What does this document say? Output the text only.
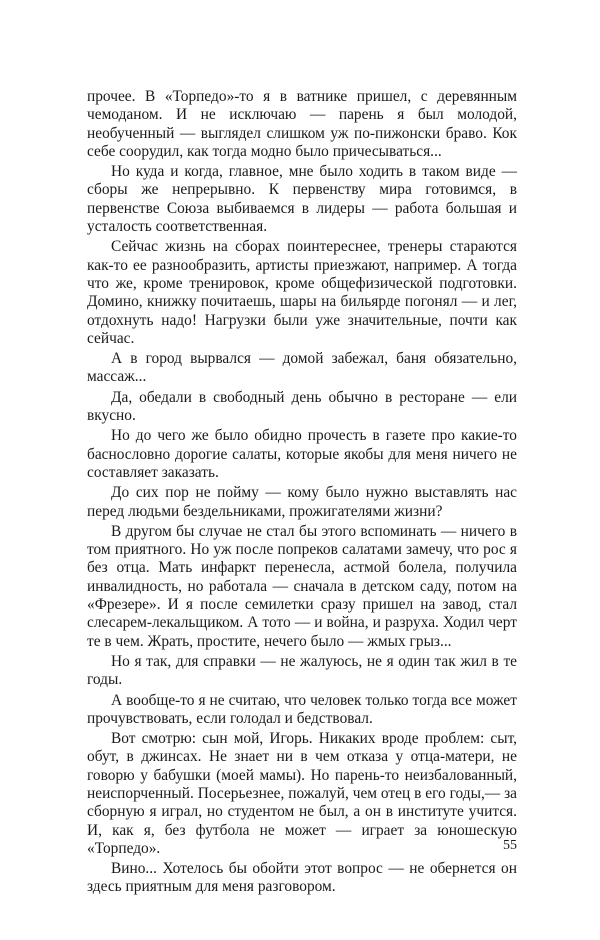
прочее. В «Торпедо»-то я в ватнике пришел, с деревянным чемоданом. И не исключаю — парень я был молодой, необученный — выглядел слишком уж по-пижонски браво. Кок себе соорудил, как тогда модно было причесываться...

Но куда и когда, главное, мне было ходить в таком виде — сборы же непрерывно. К первенству мира готовимся, в первенстве Союза выбиваемся в лидеры — работа большая и усталость соответственная.

Сейчас жизнь на сборах поинтереснее, тренеры стараются как-то ее разнообразить, артисты приезжают, например. А тогда что же, кроме тренировок, кроме общефизической подготовки. Домино, книжку почитаешь, шары на бильярде погонял — и лег, отдохнуть надо! Нагрузки были уже значительные, почти как сейчас.

А в город вырвался — домой забежал, баня обязательно, массаж...

Да, обедали в свободный день обычно в ресторане — ели вкусно.

Но до чего же было обидно прочесть в газете про какие-то баснословно дорогие салаты, которые якобы для меня ничего не составляет заказать.

До сих пор не пойму — кому было нужно выставлять нас перед людьми бездельниками, прожигателями жизни?

В другом бы случае не стал бы этого вспоминать — ничего в том приятного. Но уж после попреков салатами замечу, что рос я без отца. Мать инфаркт перенесла, астмой болела, получила инвалидность, но работала — сначала в детском саду, потом на «Фрезере». И я после семилетки сразу пришел на завод, стал слесарем-лекальщиком. А тото — и война, и разруха. Ходил черт те в чем. Жрать, простите, нечего было — жмых грыз...

Но я так, для справки — не жалуюсь, не я один так жил в те годы.

А вообще-то я не считаю, что человек только тогда все может прочувствовать, если голодал и бедствовал.

Вот смотрю: сын мой, Игорь. Никаких вроде проблем: сыт, обут, в джинсах. Не знает ни в чем отказа у отца-матери, не говорю у бабушки (моей мамы). Но парень-то неизбалованный, неиспорченный. Посерьезнее, пожалуй, чем отец в его годы,— за сборную я играл, но студентом не был, а он в институте учится. И, как я, без футбола не может — играет за юношескую «Торпедо».

Вино... Хотелось бы обойти этот вопрос — не обернется он здесь приятным для меня разговором.

55
